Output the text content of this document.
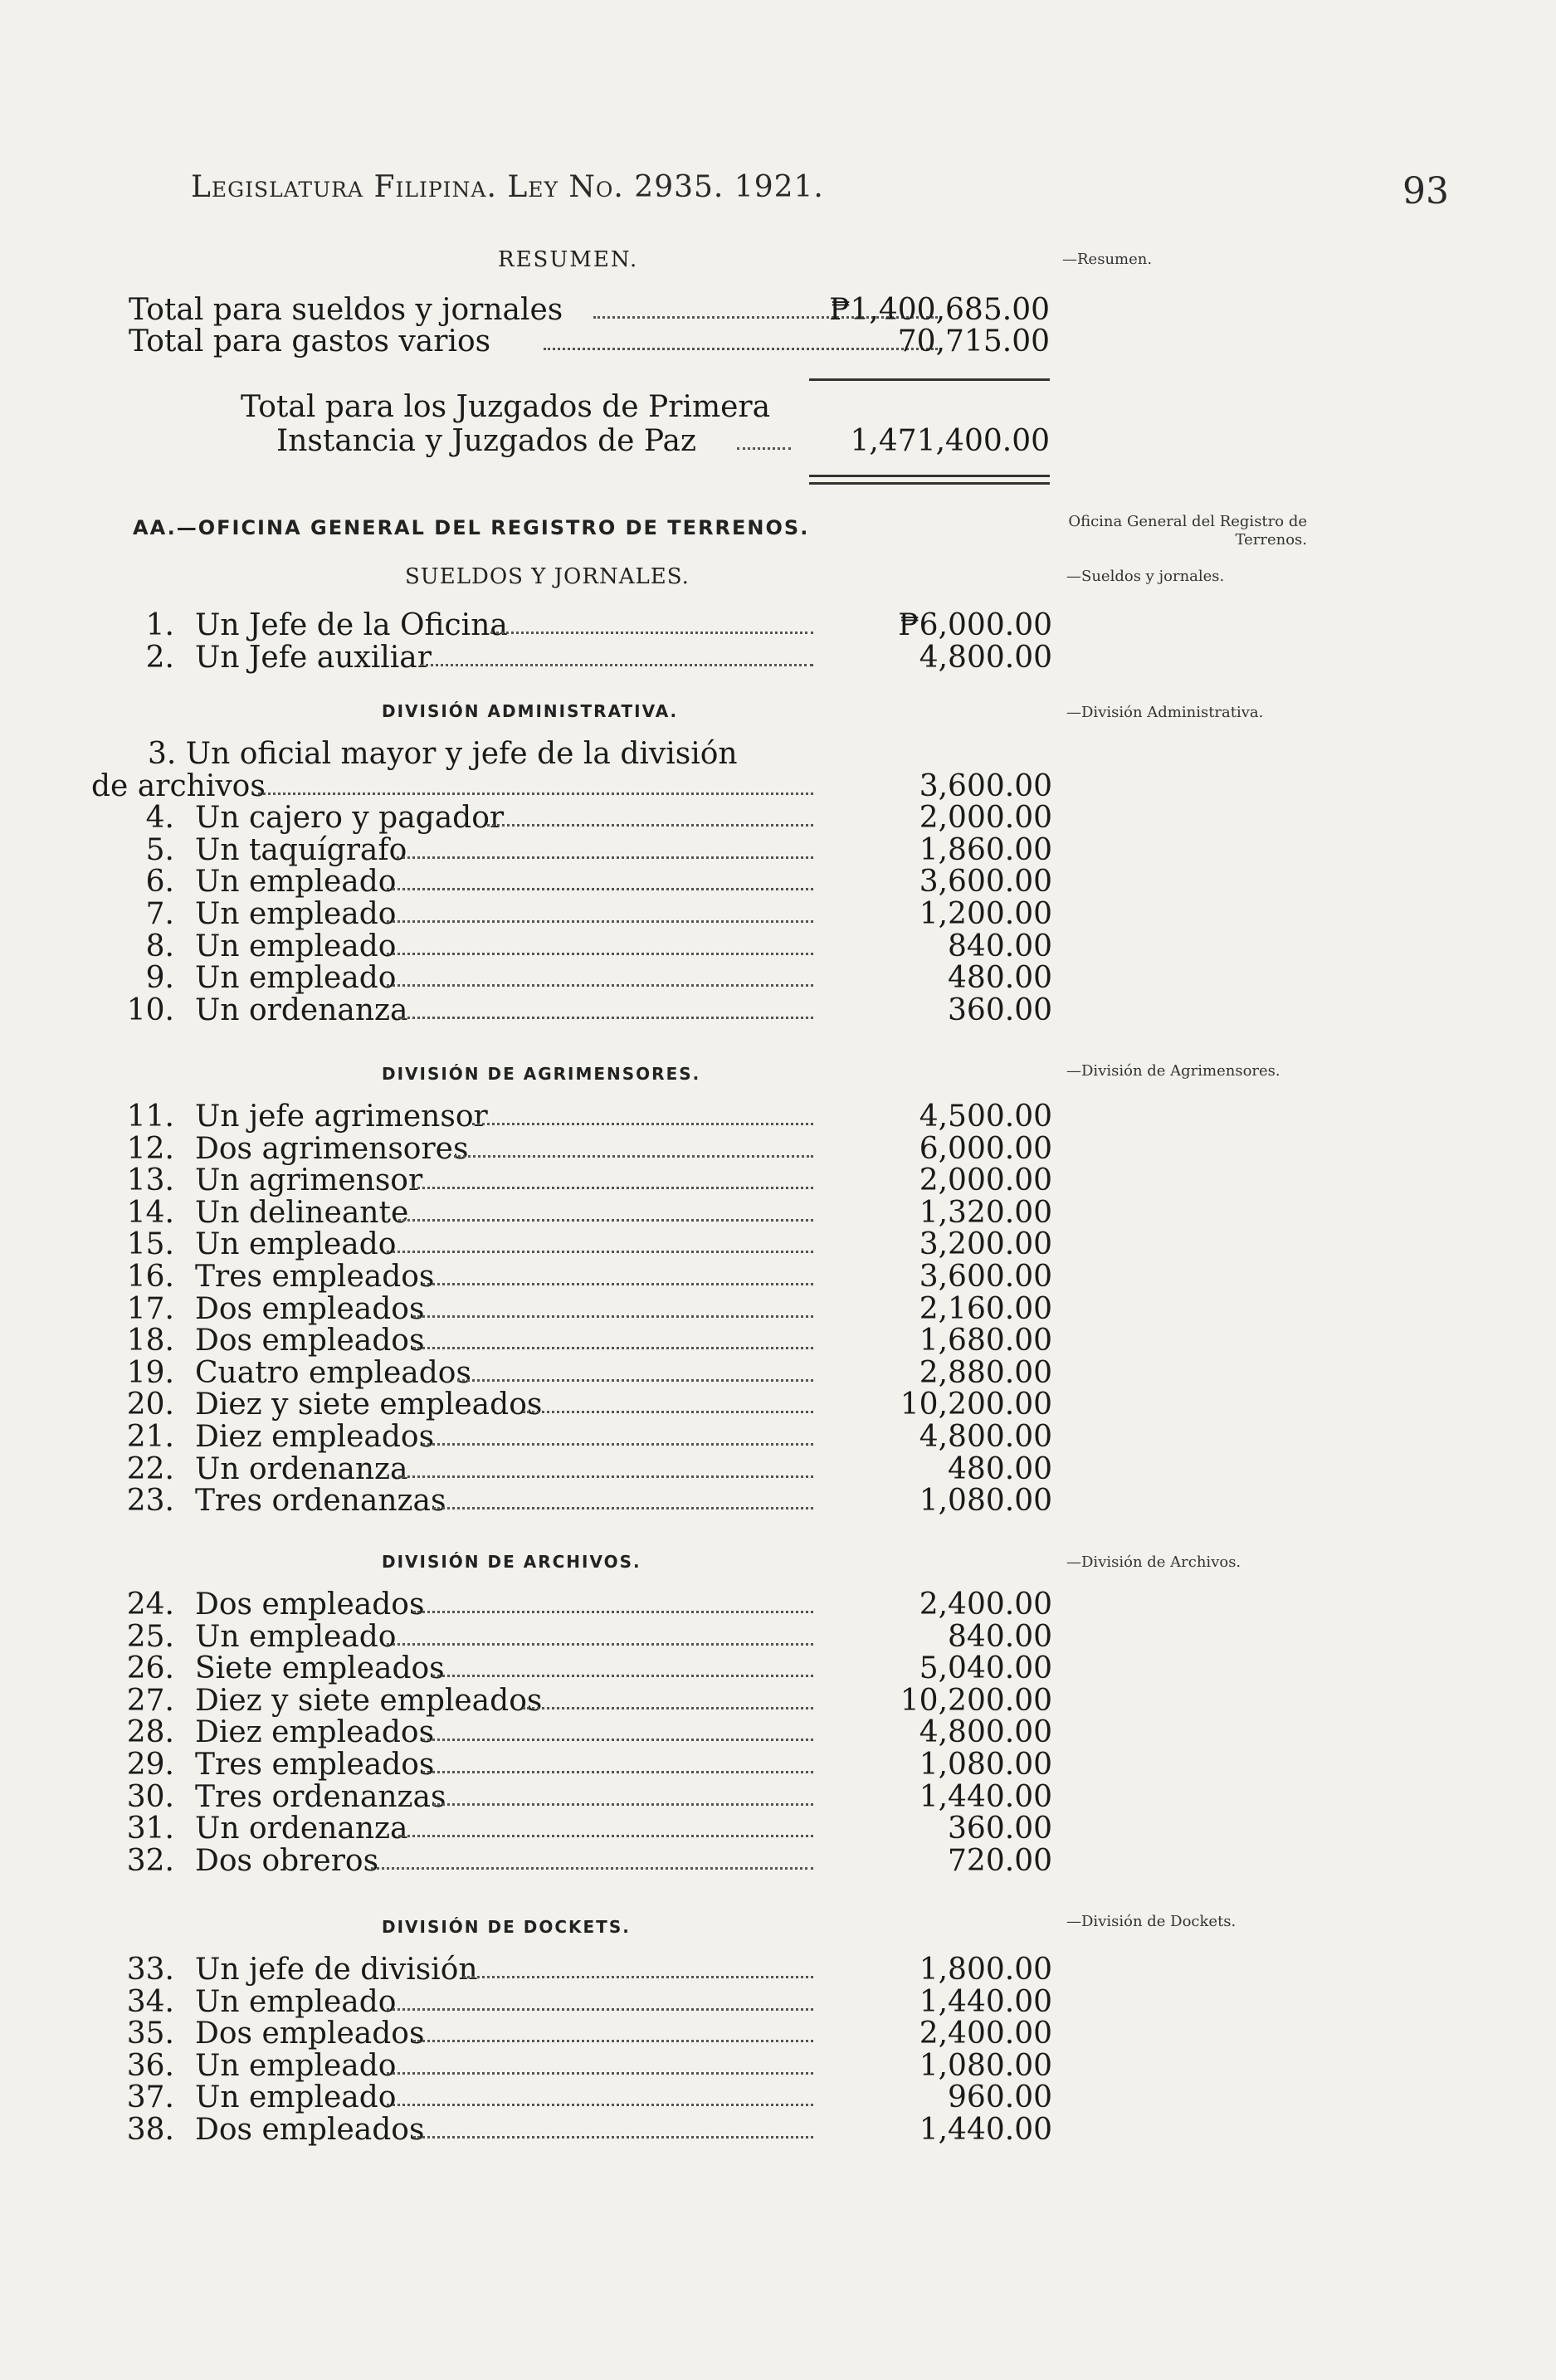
Legislatura Filipina. Ley No. 2935. 1921.	93
RESUMEN.	—Resumen.
Total para sueldos y jornales	₱1,400,685.00
Total para gastos varios	70,715.00
Total para los Juzgados de Primera
Instancia y Juzgados de Paz	1,471,400.00
AA.—OFICINA GENERAL DEL REGISTRO DE TERRENOS.	Oficina General del Registro de Terrenos.
SUELDOS Y JORNALES.	—Sueldos y jornales.
1. Un Jefe de la Oficina	₱6,000.00
2. Un Jefe auxiliar	4,800.00
DIVISIÓN ADMINISTRATIVA.	—División Administrativa.
3. Un oficial mayor y jefe de la división
de archivos	3,600.00
4. Un cajero y pagador	2,000.00
5. Un taquígrafo	1,860.00
6. Un empleado	3,600.00
7. Un empleado	1,200.00
8. Un empleado	840.00
9. Un empleado	480.00
10. Un ordenanza	360.00
DIVISIÓN DE AGRIMENSORES.	—División de Agrimensores.
11. Un jefe agrimensor	4,500.00
12. Dos agrimensores	6,000.00
13. Un agrimensor	2,000.00
14. Un delineante	1,320.00
15. Un empleado	3,200.00
16. Tres empleados	3,600.00
17. Dos empleados	2,160.00
18. Dos empleados	1,680.00
19. Cuatro empleados	2,880.00
20. Diez y siete empleados	10,200.00
21. Diez empleados	4,800.00
22. Un ordenanza	480.00
23. Tres ordenanzas	1,080.00
DIVISIÓN DE ARCHIVOS.	—División de Archivos.
24. Dos empleados	2,400.00
25. Un empleado	840.00
26. Siete empleados	5,040.00
27. Diez y siete empleados	10,200.00
28. Diez empleados	4,800.00
29. Tres empleados	1,080.00
30. Tres ordenanzas	1,440.00
31. Un ordenanza	360.00
32. Dos obreros	720.00
DIVISIÓN DE DOCKETS.	—División de Dockets.
33. Un jefe de división	1,800.00
34. Un empleado	1,440.00
35. Dos empleados	2,400.00
36. Un empleado	1,080.00
37. Un empleado	960.00
38. Dos empleados	1,440.00
